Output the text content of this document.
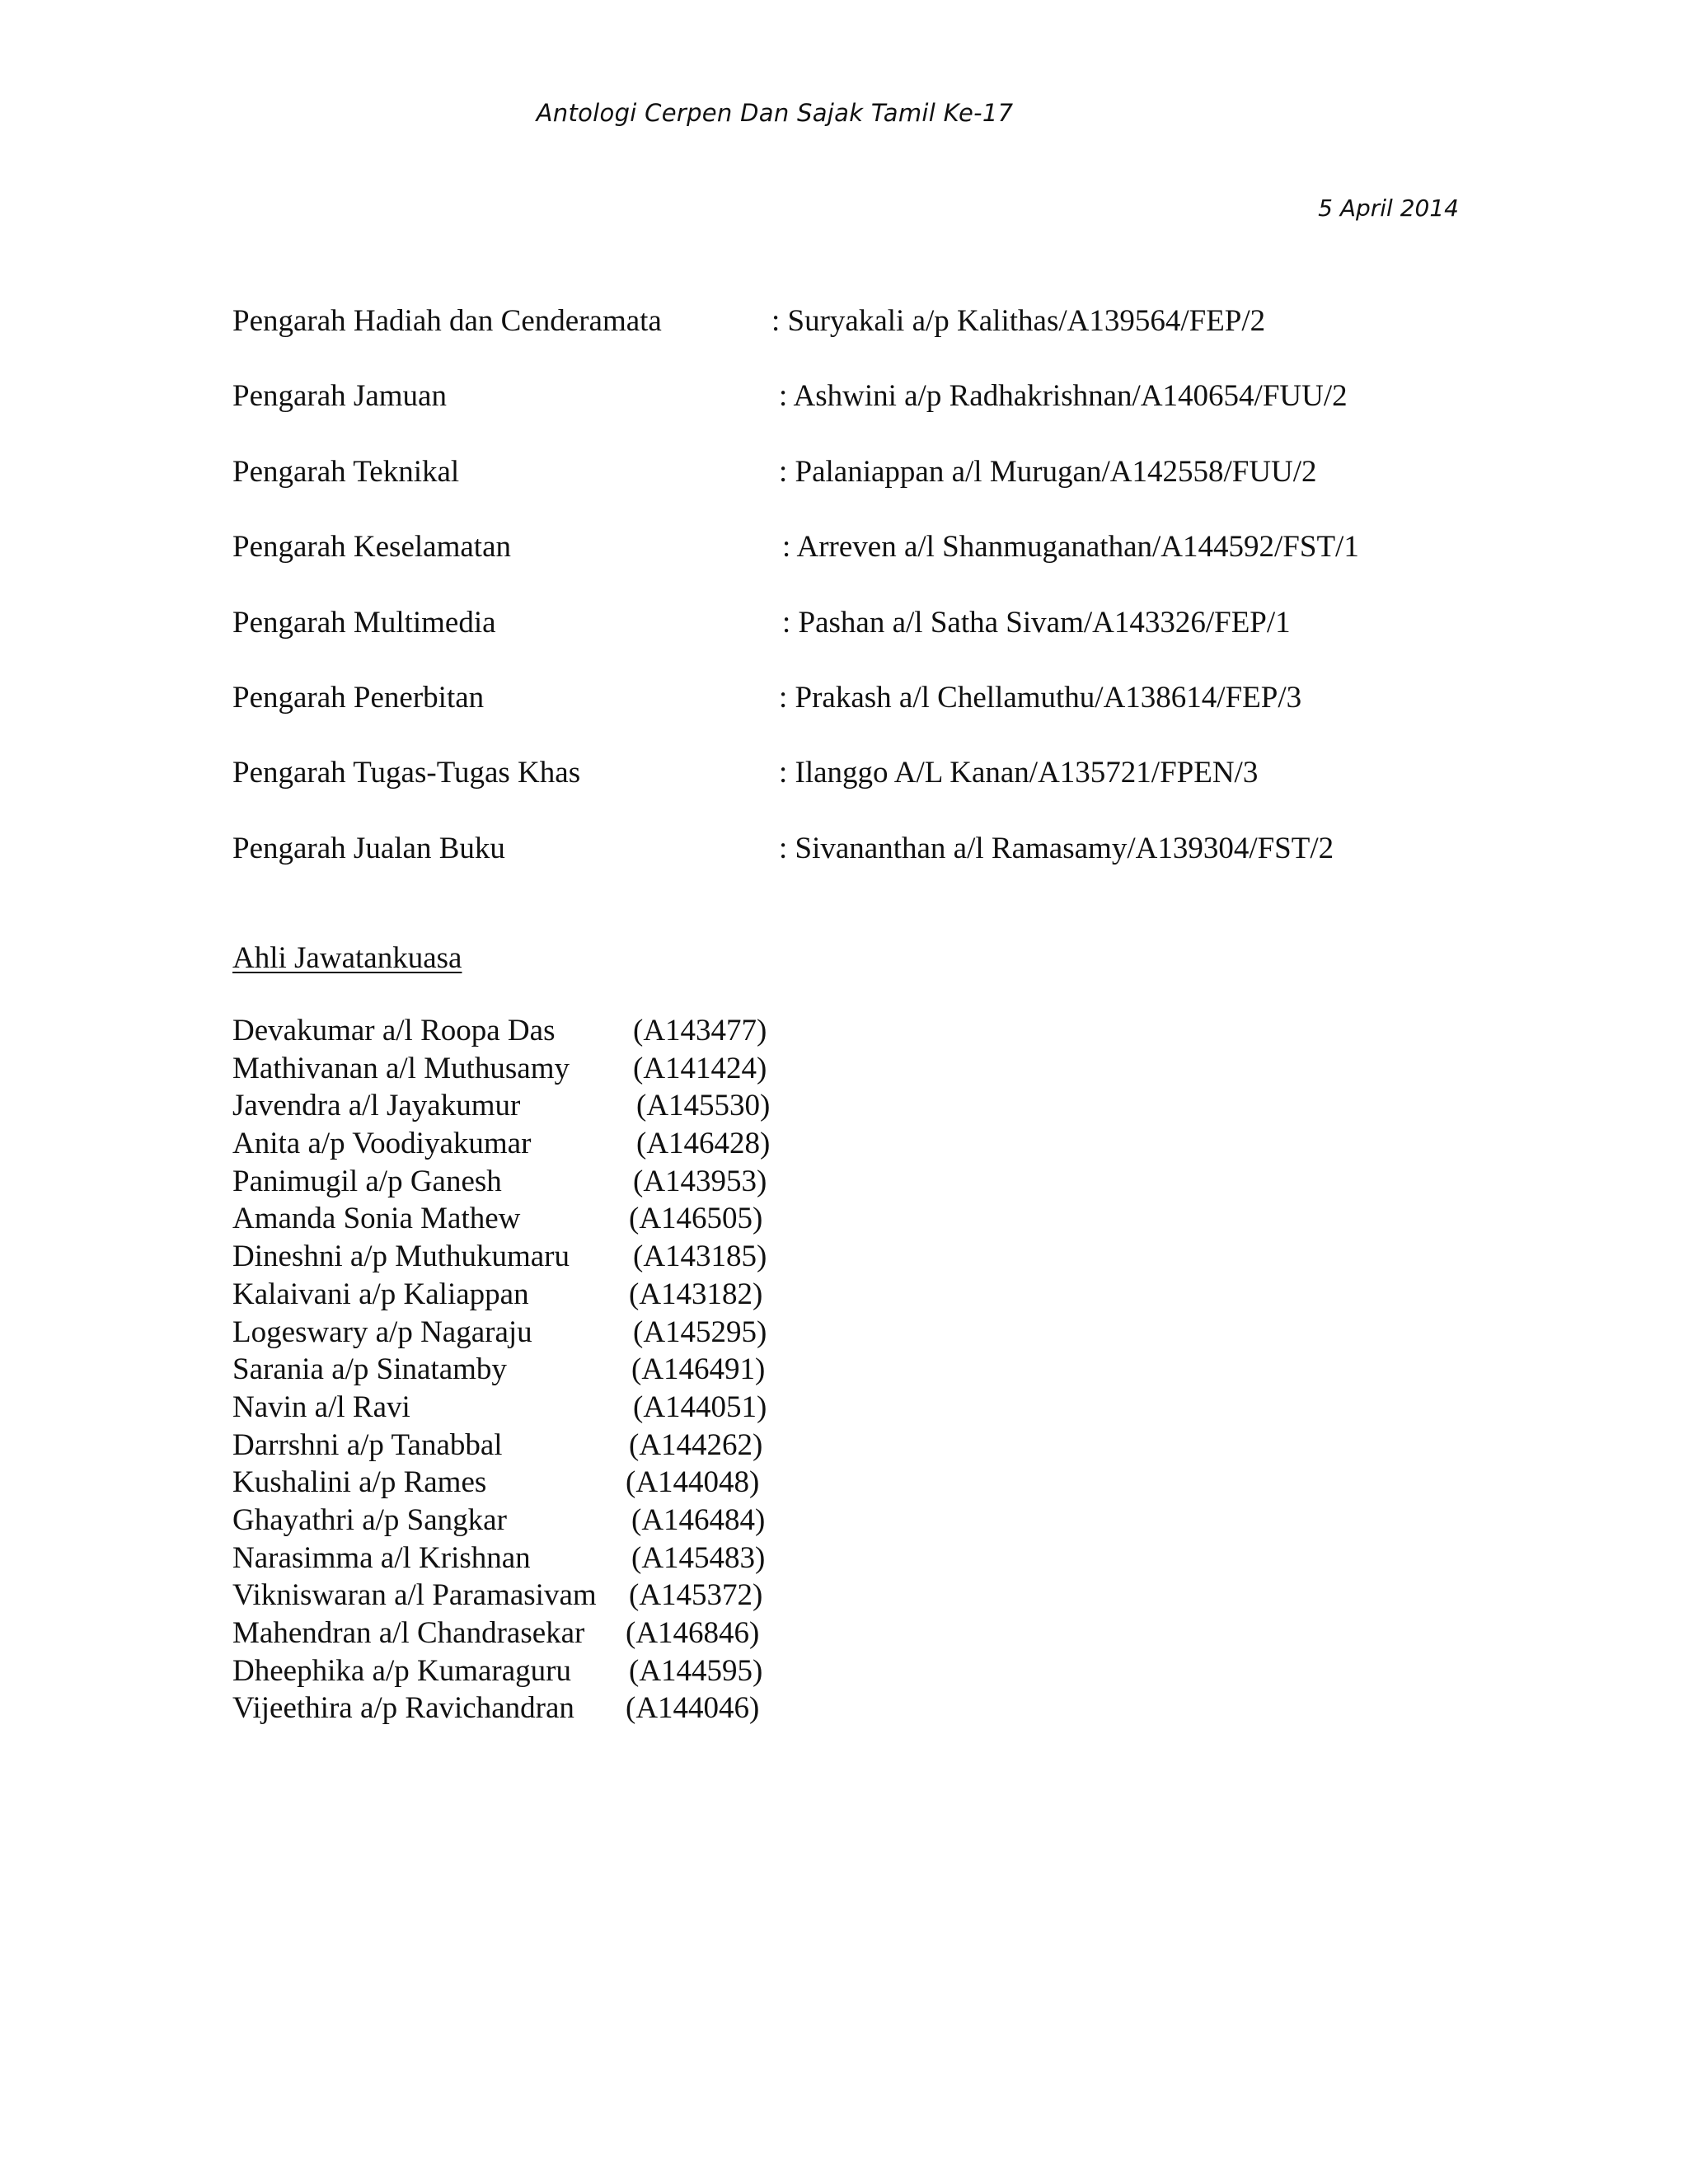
Antologi Cerpen Dan Sajak Tamil Ke-17
5 April 2014
Pengarah Hadiah dan Cenderamata	: Suryakali a/p Kalithas/A139564/FEP/2
Pengarah Jamuan	: Ashwini a/p Radhakrishnan/A140654/FUU/2
Pengarah Teknikal	: Palaniappan a/l Murugan/A142558/FUU/2
Pengarah Keselamatan	: Arreven a/l Shanmuganathan/A144592/FST/1
Pengarah Multimedia	: Pashan a/l Satha Sivam/A143326/FEP/1
Pengarah Penerbitan	: Prakash a/l Chellamuthu/A138614/FEP/3
Pengarah Tugas-Tugas Khas	: Ilanggo A/L Kanan/A135721/FPEN/3
Pengarah Jualan Buku	: Sivananthan a/l Ramasamy/A139304/FST/2
Ahli Jawatankuasa
Devakumar a/l Roopa Das	(A143477)
Mathivanan a/l Muthusamy (A141424)
Javendra a/l Jayakumur	(A145530)
Anita a/p Voodiyakumar	(A146428)
Panimugil a/p Ganesh	(A143953)
Amanda Sonia Mathew	(A146505)
Dineshni a/p Muthukumaru (A143185)
Kalaivani a/p Kaliappan	(A143182)
Logeswary a/p Nagaraju	(A145295)
Sarania a/p Sinatamby	(A146491)
Navin a/l Ravi	(A144051)
Darrshni a/p Tanabbal	(A144262)
Kushalini a/p Rames	(A144048)
Ghayathri a/p Sangkar	(A146484)
Narasimma a/l Krishnan	(A145483)
Vikniswaran a/l Paramasivam (A145372)
Mahendran a/l Chandrasekar (A146846)
Dheephika a/p Kumaraguru (A144595)
Vijeethira a/p Ravichandran (A144046)
